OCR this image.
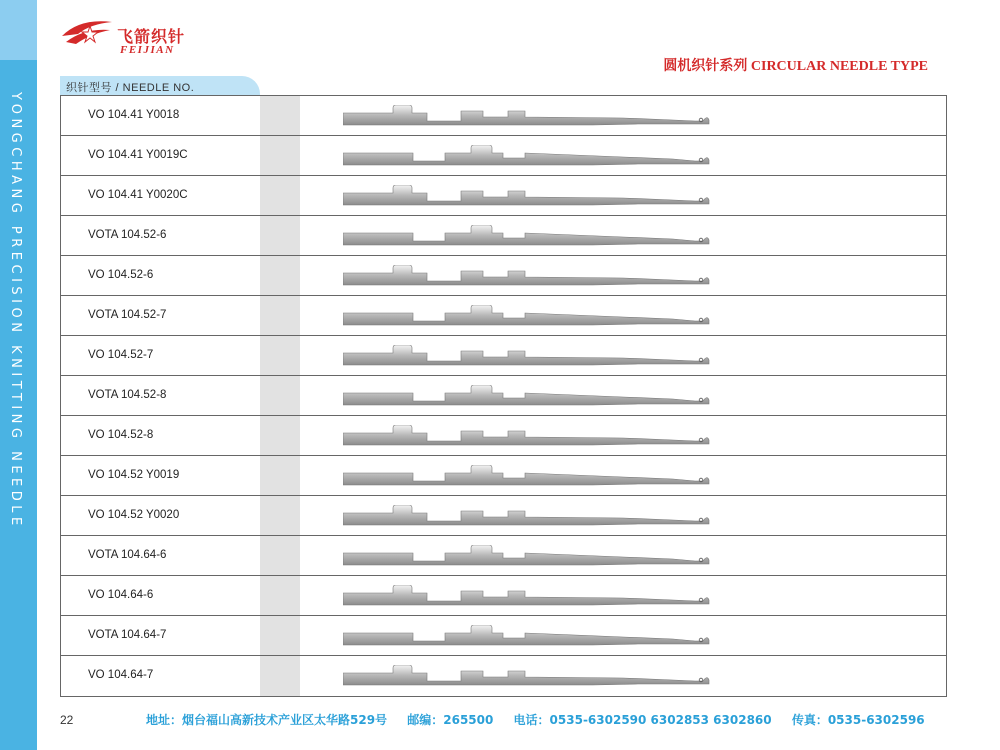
YONGCHANG PRECISION KNITTING NEEDLE
飞箭织针
FEIJIAN
圆机织针系列 CIRCULAR NEEDLE TYPE
织针型号 / NEEDLE NO.
VO 104.41 Y0018
VO 104.41 Y0019C
VO 104.41 Y0020C
VOTA 104.52-6
VO 104.52-6
VOTA 104.52-7
VO 104.52-7
VOTA 104.52-8
VO 104.52-8
VO 104.52 Y0019
VO 104.52 Y0020
VOTA 104.64-6
VO 104.64-6
VOTA 104.64-7
VO 104.64-7
22	地址：烟台福山高新技术产业区太华路529号 邮编：265500 电话：0535-6302590 6302853 6302860 传真：0535-6302596
